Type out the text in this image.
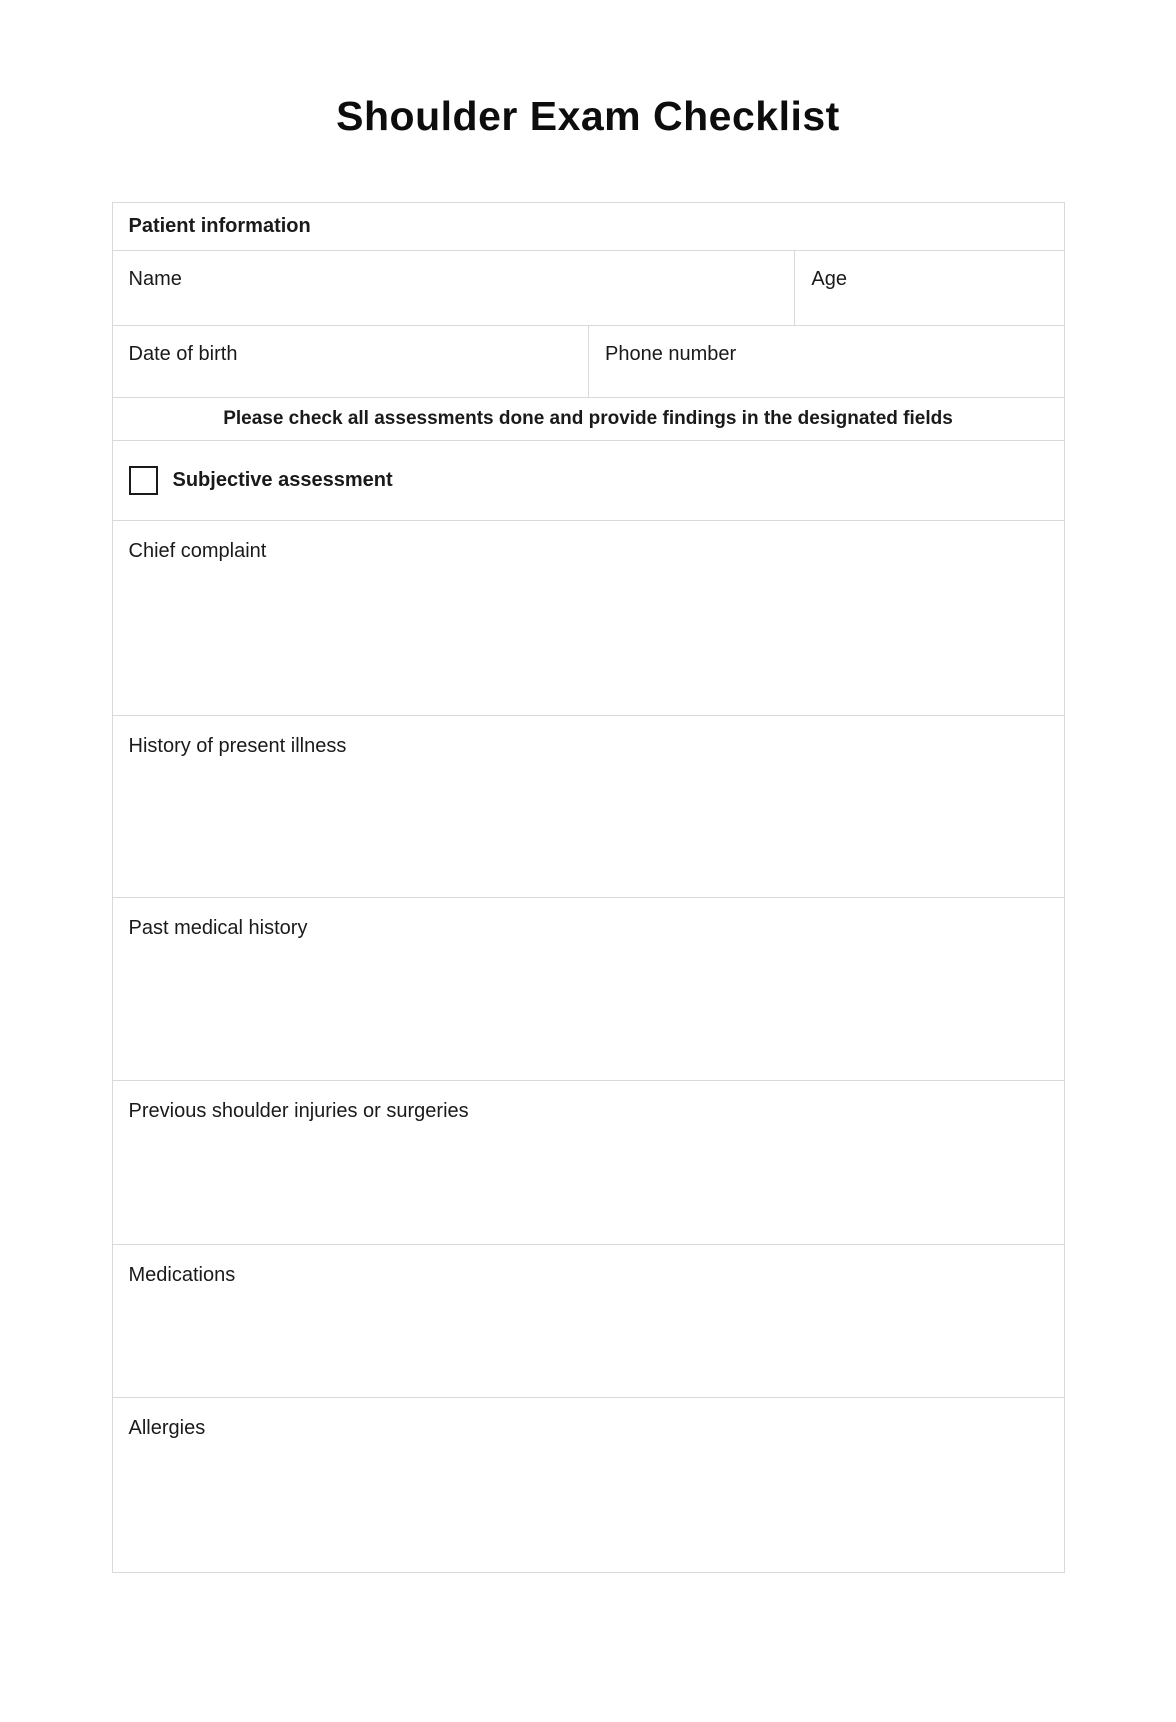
Shoulder Exam Checklist
Patient information
Name	Age
Date of birth	Phone number
Please check all assessments done and provide findings in the designated fields
Subjective assessment
Chief complaint
History of present illness
Past medical history
Previous shoulder injuries or surgeries
Medications
Allergies
